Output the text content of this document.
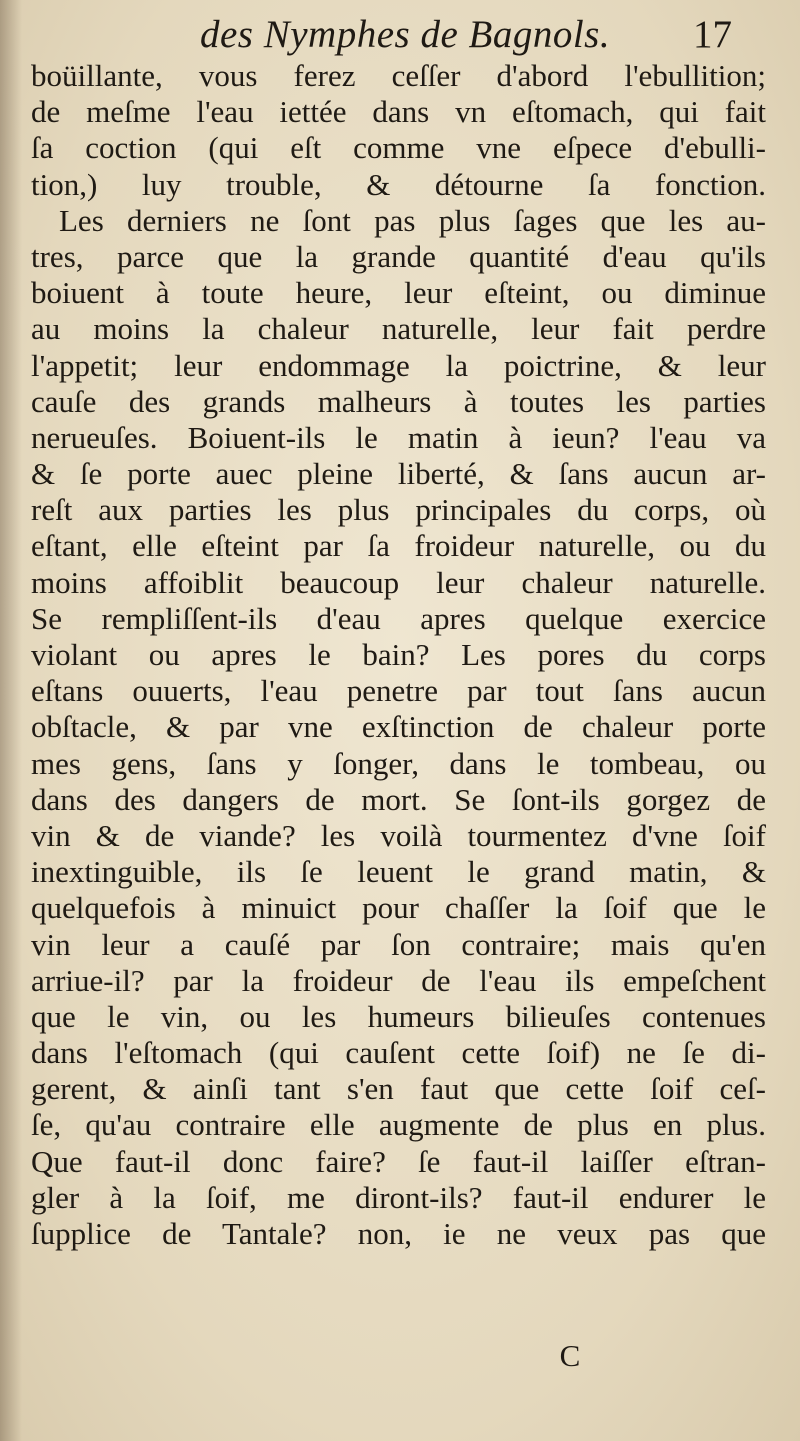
des Nymphes de Bagnols. 17
boüillante, vous ferez ceſſer d'abord l'ebullition;
de meſme l'eau iettée dans vn eſtomach, qui fait
ſa coction (qui eſt comme vne eſpece d'ebulli-
tion,) luy trouble, & détourne ſa fonction.
Les derniers ne ſont pas plus ſages que les au-
tres, parce que la grande quantité d'eau qu'ils
boiuent à toute heure, leur eſteint, ou diminue
au moins la chaleur naturelle, leur fait perdre
l'appetit; leur endommage la poictrine, & leur
cauſe des grands malheurs à toutes les parties
nerueuſes. Boiuent-ils le matin à ieun? l'eau va
& ſe porte auec pleine liberté, & ſans aucun ar-
reſt aux parties les plus principales du corps, où
eſtant, elle eſteint par ſa froideur naturelle, ou du
moins affoiblit beaucoup leur chaleur naturelle.
Se rempliſſent-ils d'eau apres quelque exercice
violant ou apres le bain? Les pores du corps
eſtans ouuerts, l'eau penetre par tout ſans aucun
obſtacle, & par vne exſtinction de chaleur porte
mes gens, ſans y ſonger, dans le tombeau, ou
dans des dangers de mort. Se ſont-ils gorgez de
vin & de viande? les voilà tourmentez d'vne ſoif
inextinguible, ils ſe leuent le grand matin, &
quelquefois à minuict pour chaſſer la ſoif que le
vin leur a cauſé par ſon contraire; mais qu'en
arriue-il? par la froideur de l'eau ils empeſchent
que le vin, ou les humeurs bilieuſes contenues
dans l'eſtomach (qui cauſent cette ſoif) ne ſe di-
gerent, & ainſi tant s'en faut que cette ſoif ceſ-
ſe, qu'au contraire elle augmente de plus en plus.
Que faut-il donc faire? ſe faut-il laiſſer eſtran-
gler à la ſoif, me diront-ils? faut-il endurer le
ſupplice de Tantale? non, ie ne veux pas que
C
